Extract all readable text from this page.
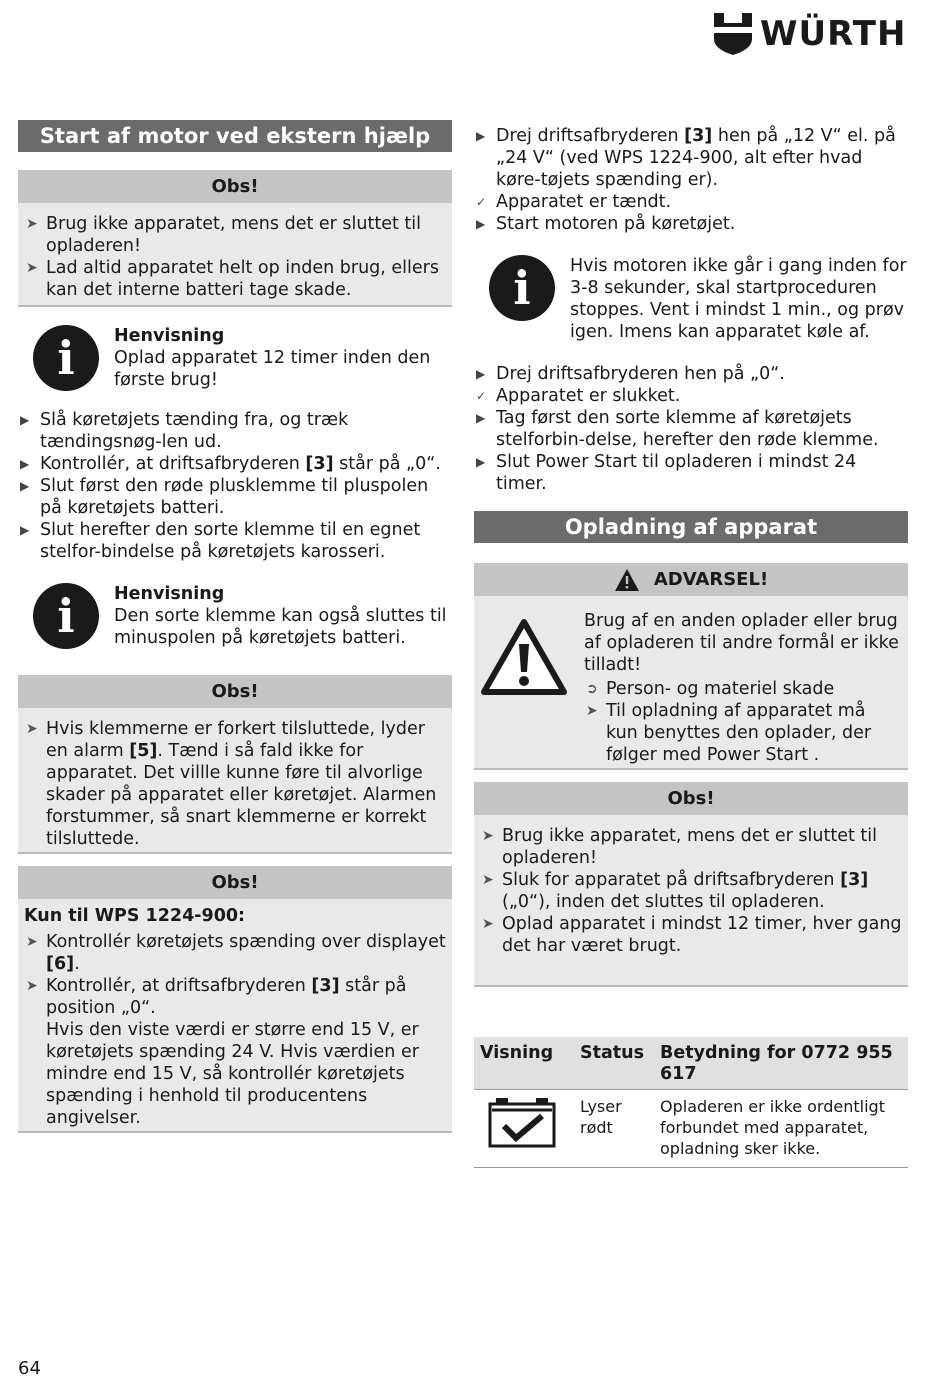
WÜRTH
Start af motor ved ekstern hjælp
Obs!
➤ Brug ikke apparatet, mens det er sluttet til opladeren!
➤ Lad altid apparatet helt op inden brug, ellers kan det interne batteri tage skade.
i	Henvisning
Oplad apparatet 12 timer inden den første brug!
▶ Slå køretøjets tænding fra, og træk tændingsnøg-len ud.
▶ Kontrollér, at driftsafbryderen [3] står på „0“.
▶ Slut først den røde plusklemme til pluspolen på køretøjets batteri.
▶ Slut herefter den sorte klemme til en egnet stelfor-bindelse på køretøjets karosseri.
i	Henvisning
Den sorte klemme kan også sluttes til minuspolen på køretøjets batteri.
Obs!
➤ Hvis klemmerne er forkert tilsluttede, lyder en alarm [5]. Tænd i så fald ikke for apparatet. Det villle kunne føre til alvorlige skader på apparatet eller køretøjet. Alarmen forstummer, så snart klemmerne er korrekt tilsluttede.
Obs!
Kun til WPS 1224-900:
➤ Kontrollér køretøjets spænding over displayet [6].
➤ Kontrollér, at driftsafbryderen [3] står på position „0“.
Hvis den viste værdi er større end 15 V, er køretøjets spænding 24 V. Hvis værdien er mindre end 15 V, så kontrollér køretøjets spænding i henhold til producentens angivelser.
▶ Drej driftsafbryderen [3] hen på „12 V“ el. på „24 V“ (ved WPS 1224-900, alt efter hvad køre-tøjets spænding er).
✓ Apparatet er tændt.
▶ Start motoren på køretøjet.
i	Hvis motoren ikke går i gang inden for 3-8 sekunder, skal startproceduren stoppes. Vent i mindst 1 min., og prøv igen. Imens kan apparatet køle af.
▶ Drej driftsafbryderen hen på „0“.
✓ Apparatet er slukket.
▶ Tag først den sorte klemme af køretøjets stelforbin-delse, herefter den røde klemme.
▶ Slut Power Start til opladeren i mindst 24 timer.
Opladning af apparat
ADVARSEL!
Brug af en anden oplader eller brug af opladeren til andre formål er ikke tilladt!
➲ Person- og materiel skade
➤ Til opladning af apparatet må kun benyttes den oplader, der følger med Power Start .
Obs!
➤ Brug ikke apparatet, mens det er sluttet til opladeren!
➤ Sluk for apparatet på driftsafbryderen [3] („0“), inden det sluttes til opladeren.
➤ Oplad apparatet i mindst 12 timer, hver gang det har været brugt.
Visning	Status	Betydning for 0772 955 617
	Lyser rødt	Opladeren er ikke ordentligt forbundet med apparatet, opladning sker ikke.
64
